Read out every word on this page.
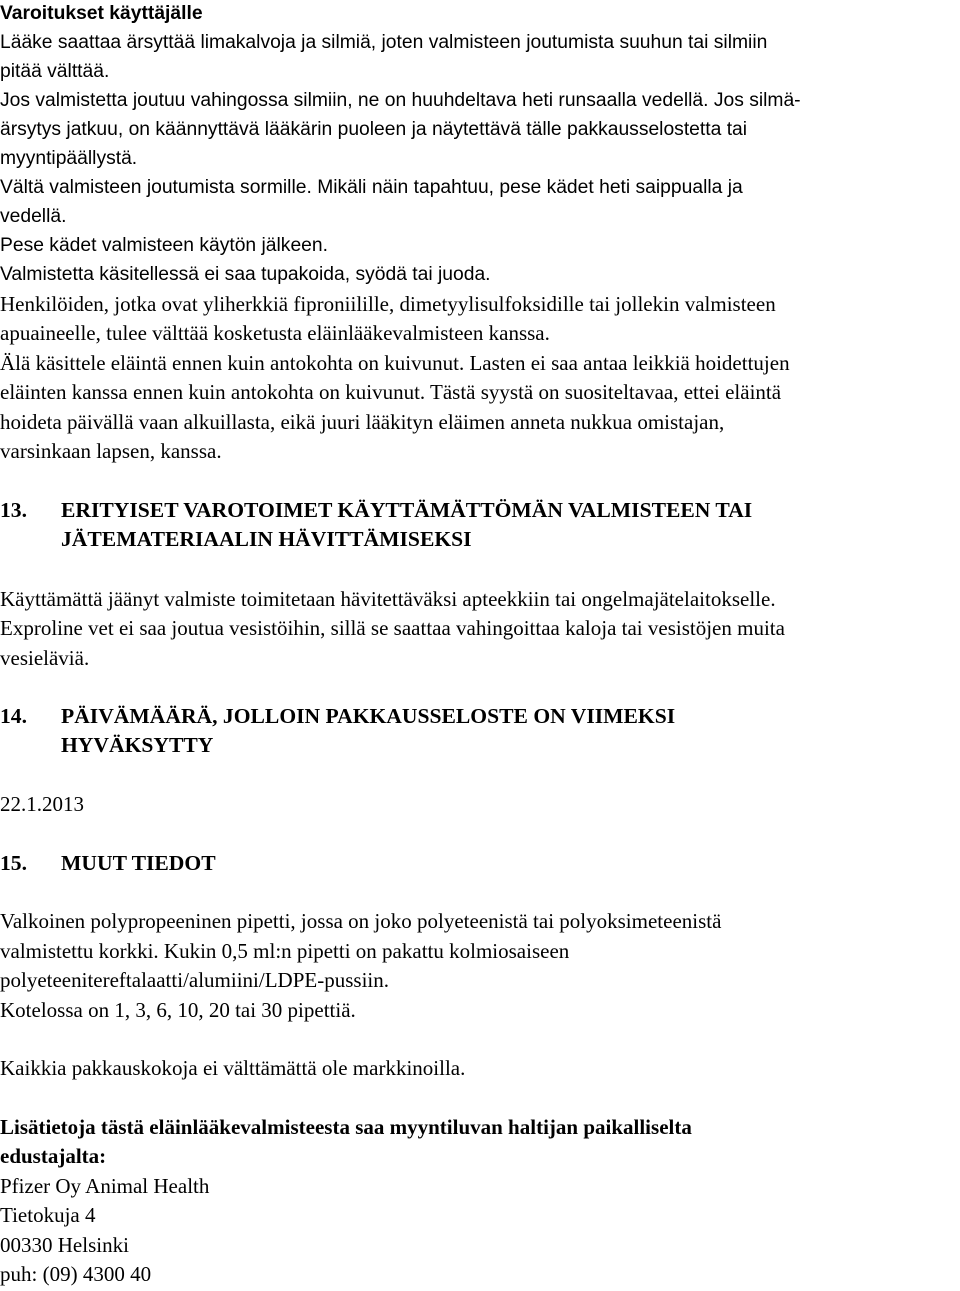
Varoitukset käyttäjälle
Lääke saattaa ärsyttää limakalvoja ja silmiä, joten valmisteen joutumista suuhun tai silmiin
pitää välttää.
Jos valmistetta joutuu vahingossa silmiin, ne on huuhdeltava heti runsaalla vedellä. Jos silmä-
ärsytys jatkuu, on käännyttävä lääkärin puoleen ja näytettävä tälle pakkausselostetta tai
myyntipäällystä.
Vältä valmisteen joutumista sormille. Mikäli näin tapahtuu, pese kädet heti saippualla ja
vedellä.
Pese kädet valmisteen käytön jälkeen.
Valmistetta käsitellessä ei saa tupakoida, syödä tai juoda.
Henkilöiden, jotka ovat yliherkkiä fiproniilille, dimetyylisulfoksidille tai jollekin valmisteen
apuaineelle, tulee välttää kosketusta eläinlääkevalmisteen kanssa.
Älä käsittele eläintä ennen kuin antokohta on kuivunut. Lasten ei saa antaa leikkiä hoidettujen
eläinten kanssa ennen kuin antokohta on kuivunut. Tästä syystä on suositeltavaa, ettei eläintä
hoideta päivällä vaan alkuillasta, eikä juuri lääkityn eläimen anneta nukkua omistajan,
varsinkaan lapsen, kanssa.
13. ERITYISET VAROTOIMET KÄYTTÄMÄTTÖMÄN VALMISTEEN TAI
JÄTEMATERIAALIN HÄVITTÄMISEKSI
Käyttämättä jäänyt valmiste toimitetaan hävitettäväksi apteekkiin tai ongelmajätelaitokselle.
Exproline vet ei saa joutua vesistöihin, sillä se saattaa vahingoittaa kaloja tai vesistöjen muita
vesieläviä.
14. PÄIVÄMÄÄRÄ, JOLLOIN PAKKAUSSELOSTE ON VIIMEKSI
HYVÄKSYTTY
22.1.2013
15. MUUT TIEDOT
Valkoinen polypropeeninen pipetti, jossa on joko polyeteenistä tai polyoksimeteenistä
valmistettu korkki. Kukin 0,5 ml:n pipetti on pakattu kolmiosaiseen
polyeteenitereftalaatti/alumiini/LDPE-pussiin.
Kotelossa on 1, 3, 6, 10, 20 tai 30 pipettiä.
Kaikkia pakkauskokoja ei välttämättä ole markkinoilla.
Lisätietoja tästä eläinlääkevalmisteesta saa myyntiluvan haltijan paikalliselta
edustajalta:
Pfizer Oy Animal Health
Tietokuja 4
00330 Helsinki
puh: (09) 4300 40
